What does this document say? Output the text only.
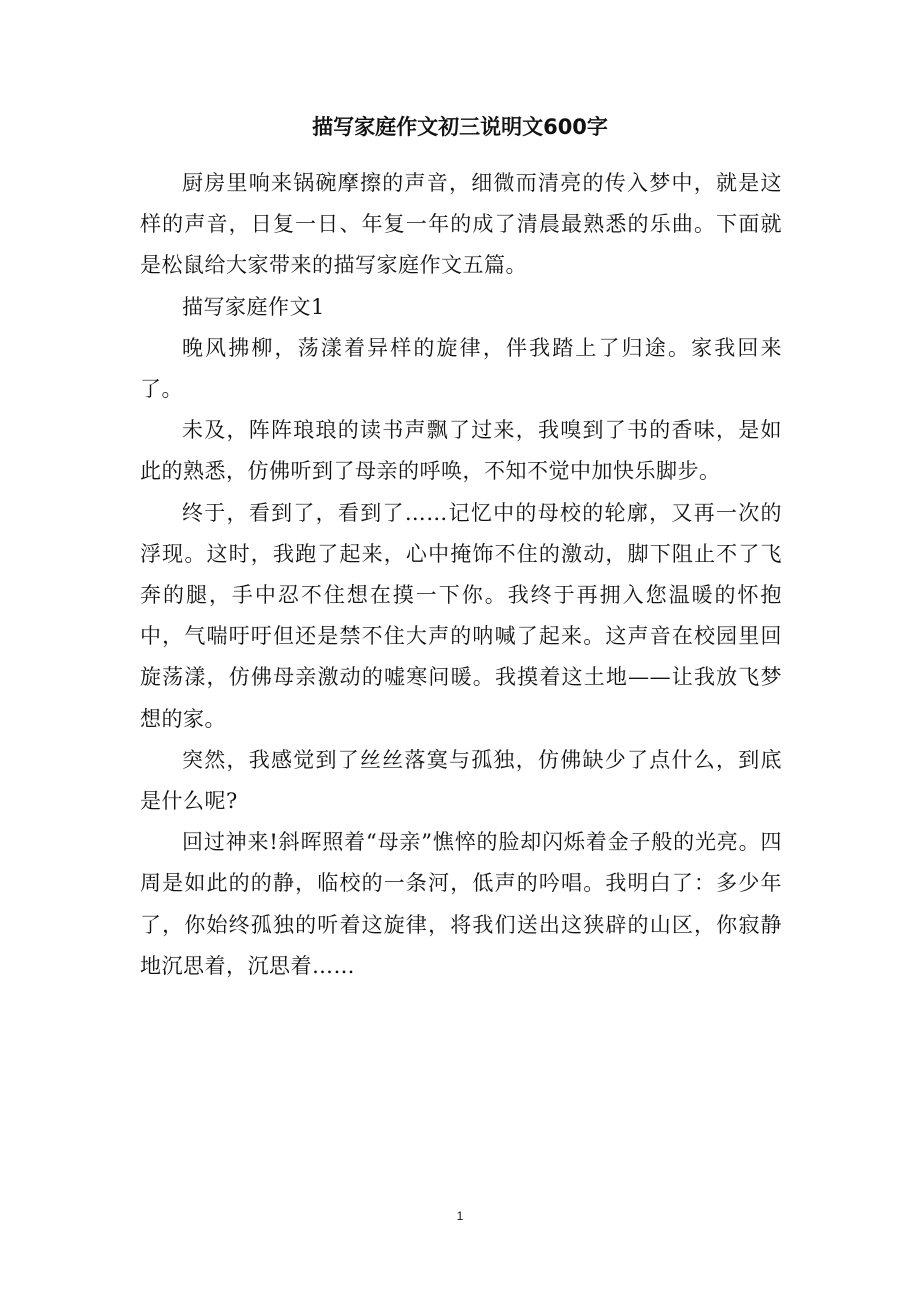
描写家庭作文初三说明文600字

厨房里响来锅碗摩擦的声音，细微而清亮的传入梦中，就是这样的声音，日复一日、年复一年的成了清晨最熟悉的乐曲。下面就是松鼠给大家带来的描写家庭作文五篇。

描写家庭作文1

晚风拂柳，荡漾着异样的旋律，伴我踏上了归途。家我回来了。

未及，阵阵琅琅的读书声飘了过来，我嗅到了书的香味，是如此的熟悉，仿佛听到了母亲的呼唤，不知不觉中加快乐脚步。

终于，看到了，看到了……记忆中的母校的轮廓，又再一次的浮现。这时，我跑了起来，心中掩饰不住的激动，脚下阻止不了飞奔的腿，手中忍不住想在摸一下你。我终于再拥入您温暖的怀抱中，气喘吁吁但还是禁不住大声的呐喊了起来。这声音在校园里回旋荡漾，仿佛母亲激动的嘘寒问暖。我摸着这土地——让我放飞梦想的家。

突然，我感觉到了丝丝落寞与孤独，仿佛缺少了点什么，到底是什么呢?

回过神来!斜晖照着“母亲”憔悴的脸却闪烁着金子般的光亮。四周是如此的的静，临校的一条河，低声的吟唱。我明白了：多少年了，你始终孤独的听着这旋律，将我们送出这狭辟的山区，你寂静地沉思着，沉思着……

1
